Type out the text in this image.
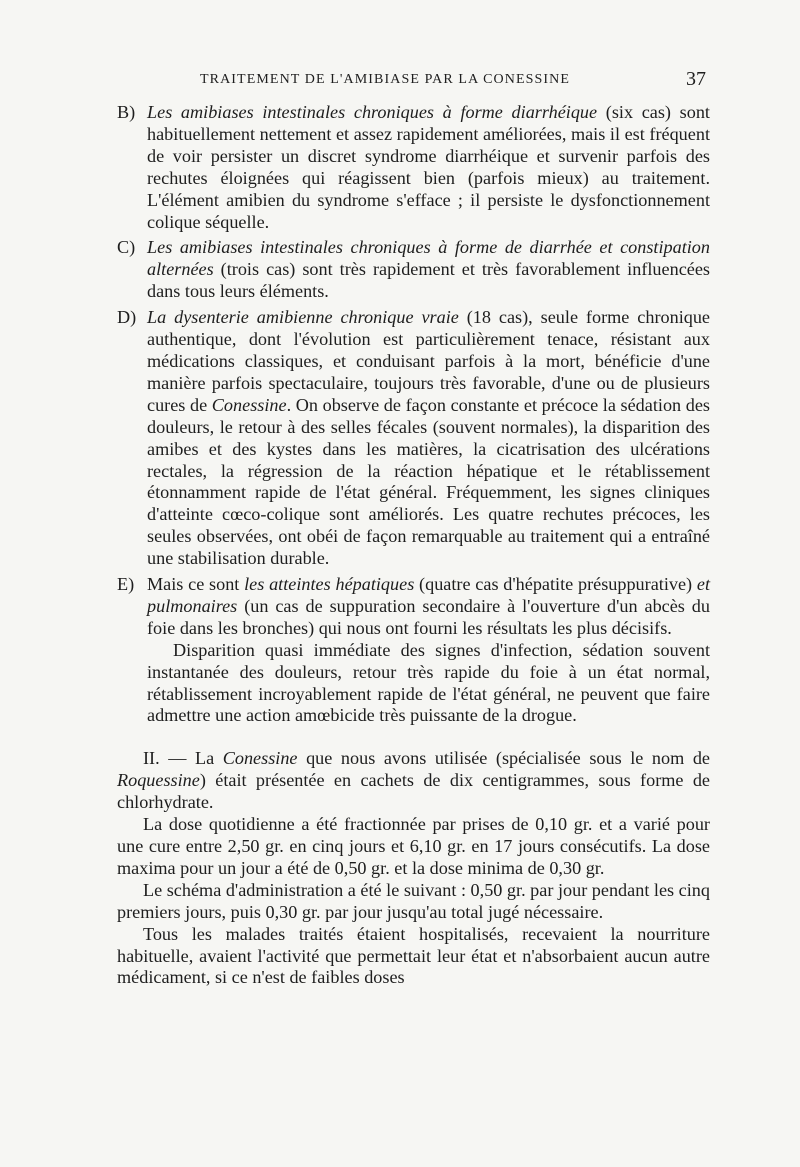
TRAITEMENT DE L'AMIBIASE PAR LA CONESSINE	37
B) Les amibiases intestinales chroniques à forme diarrhéique (six cas) sont habituellement nettement et assez rapidement améliorées, mais il est fréquent de voir persister un discret syndrome diarrhéique et survenir parfois des rechutes éloignées qui réagissent bien (parfois mieux) au traitement. L'élément amibien du syndrome s'efface ; il persiste le dysfonctionnement colique séquelle.

C) Les amibiases intestinales chroniques à forme de diarrhée et constipation alternées (trois cas) sont très rapidement et très favorablement influencées dans tous leurs éléments.

D) La dysenterie amibienne chronique vraie (18 cas), seule forme chronique authentique, dont l'évolution est particulièrement tenace, résistant aux médications classiques, et conduisant parfois à la mort, bénéficie d'une manière parfois spectaculaire, toujours très favorable, d'une ou de plusieurs cures de Conessine. On observe de façon constante et précoce la sédation des douleurs, le retour à des selles fécales (souvent normales), la disparition des amibes et des kystes dans les matières, la cicatrisation des ulcérations rectales, la régression de la réaction hépatique et le rétablissement étonnamment rapide de l'état général. Fréquemment, les signes cliniques d'atteinte cœco-colique sont améliorés. Les quatre rechutes précoces, les seules observées, ont obéi de façon remarquable au traitement qui a entraîné une stabilisation durable.

E) Mais ce sont les atteintes hépatiques (quatre cas d'hépatite présuppurative) et pulmonaires (un cas de suppuration secondaire à l'ouverture d'un abcès du foie dans les bronches) qui nous ont fourni les résultats les plus décisifs.

Disparition quasi immédiate des signes d'infection, sédation souvent instantanée des douleurs, retour très rapide du foie à un état normal, rétablissement incroyablement rapide de l'état général, ne peuvent que faire admettre une action amœbicide très puissante de la drogue.

II. — La Conessine que nous avons utilisée (spécialisée sous le nom de Roquessine) était présentée en cachets de dix centigrammes, sous forme de chlorhydrate.

La dose quotidienne a été fractionnée par prises de 0,10 gr. et a varié pour une cure entre 2,50 gr. en cinq jours et 6,10 gr. en 17 jours consécutifs. La dose maxima pour un jour a été de 0,50 gr. et la dose minima de 0,30 gr.

Le schéma d'administration a été le suivant : 0,50 gr. par jour pendant les cinq premiers jours, puis 0,30 gr. par jour jusqu'au total jugé nécessaire.

Tous les malades traités étaient hospitalisés, recevaient la nourriture habituelle, avaient l'activité que permettait leur état et n'absorbaient aucun autre médicament, si ce n'est de faibles doses
